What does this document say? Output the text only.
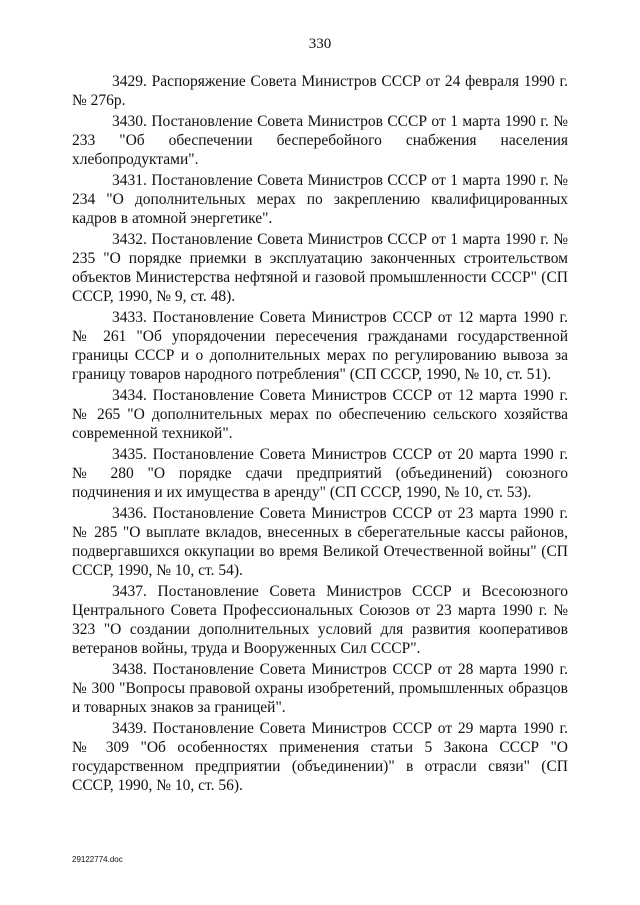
330

3429. Распоряжение Совета Министров СССР от 24 февраля 1990 г. № 276р.

3430. Постановление Совета Министров СССР от 1 марта 1990 г. № 233 "Об обеспечении бесперебойного снабжения населения хлебопродуктами".

3431. Постановление Совета Министров СССР от 1 марта 1990 г. № 234 "О дополнительных мерах по закреплению квалифицированных кадров в атомной энергетике".

3432. Постановление Совета Министров СССР от 1 марта 1990 г. № 235 "О порядке приемки в эксплуатацию законченных строительством объектов Министерства нефтяной и газовой промышленности СССР" (СП СССР, 1990, № 9, ст. 48).

3433. Постановление Совета Министров СССР от 12 марта 1990 г. № 261 "Об упорядочении пересечения гражданами государственной границы СССР и о дополнительных мерах по регулированию вывоза за границу товаров народного потребления" (СП СССР, 1990, № 10, ст. 51).

3434. Постановление Совета Министров СССР от 12 марта 1990 г. № 265 "О дополнительных мерах по обеспечению сельского хозяйства современной техникой".

3435. Постановление Совета Министров СССР от 20 марта 1990 г. № 280 "О порядке сдачи предприятий (объединений) союзного подчинения и их имущества в аренду" (СП СССР, 1990, № 10, ст. 53).

3436. Постановление Совета Министров СССР от 23 марта 1990 г. № 285 "О выплате вкладов, внесенных в сберегательные кассы районов, подвергавшихся оккупации во время Великой Отечественной войны" (СП СССР, 1990, № 10, ст. 54).

3437. Постановление Совета Министров СССР и Всесоюзного Центрального Совета Профессиональных Союзов от 23 марта 1990 г. № 323 "О создании дополнительных условий для развития кооперативов ветеранов войны, труда и Вооруженных Сил СССР".

3438. Постановление Совета Министров СССР от 28 марта 1990 г. № 300 "Вопросы правовой охраны изобретений, промышленных образцов и товарных знаков за границей".

3439. Постановление Совета Министров СССР от 29 марта 1990 г. № 309 "Об особенностях применения статьи 5 Закона СССР "О государственном предприятии (объединении)" в отрасли связи" (СП СССР, 1990, № 10, ст. 56).

29122774.doc
